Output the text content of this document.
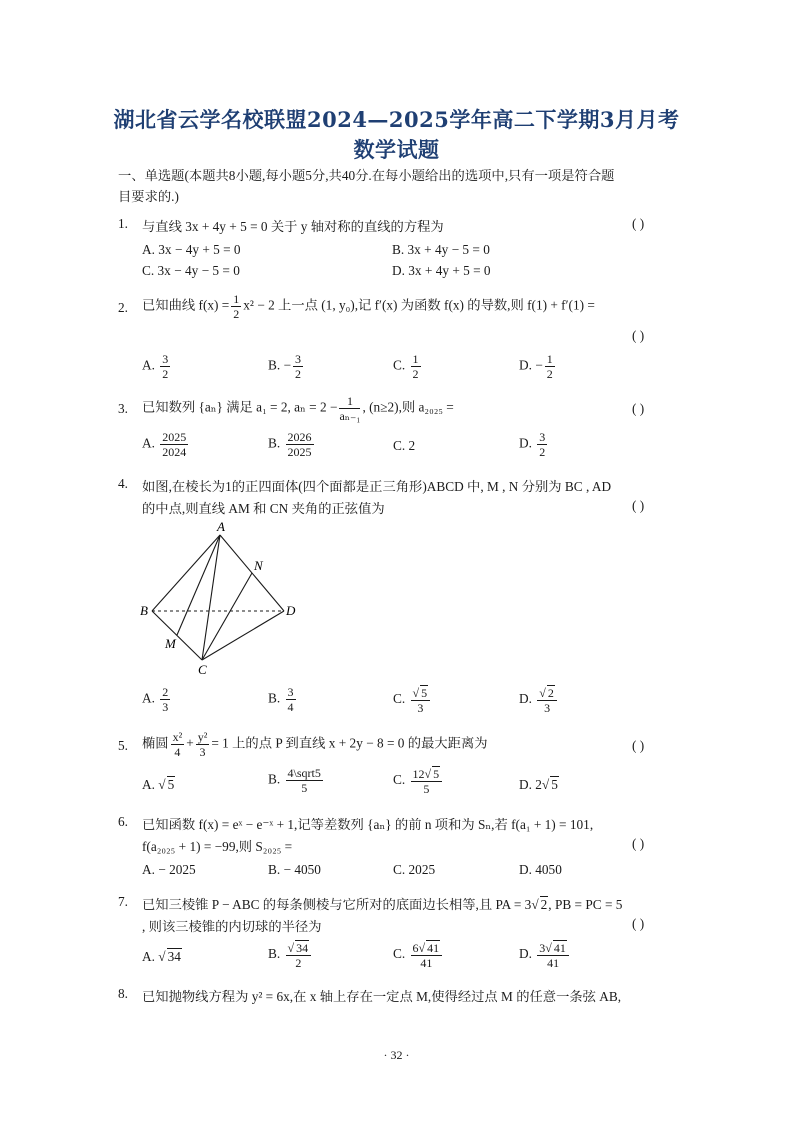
湖北省云学名校联盟2024—2025学年高二下学期3月月考
数学试题
一、单选题(本题共8小题,每小题5分,共40分.在每小题给出的选项中,只有一项是符合题
目要求的.)
1. 与直线 3x + 4y + 5 = 0 关于 y 轴对称的直线的方程为	( )
A. 3x − 4y + 5 = 0	B. 3x + 4y − 5 = 0
C. 3x − 4y − 5 = 0	D. 3x + 4y + 5 = 0
2. 已知曲线 $f(x) = \frac{1}{2} x^2 - 2$ 上一点 (1, y₀),记 f′(x) 为函数 f(x) 的导数,则 f(1) + f′(1) =
( )
A. $\frac{3}{2}$	B. − $\frac{3}{2}$	C. $\frac{1}{2}$	D. − $\frac{1}{2}$
3. 已知数列 {aₙ} 满足 a₁ = 2, $a_n = 2 - \frac{1}{\text{aₙ₋₁}}$ , (n≥2),则 a₂₀₂₅ =	( )
A. $\frac{2025}{2024}$	B. $\frac{2026}{2025}$	C. 2	D. $\frac{3}{2}$
4. 如图,在棱长为1的正四面体(四个面都是正三角形)ABCD 中, M , N 分别为 BC , AD
的中点,则直线 AM 和 CN 夹角的正弦值为	( )
A
B
C
D
M
N
A. $\frac{2}{3}$	B. $\frac{3}{4}$	C. $\frac{√ 5}{3}$	D. $\frac{√ 2}{3}$
5. 椭圆 $\frac{\text{x²}}{4} + \frac{\text{y²}}{3} = 1$ 上的点 P 到直线 x + 2y − 8 = 0 的最大距离为	( )
A. √ 5	B. $\frac{\text{4\textbackslash{}sqrt5}}{5}$	C. $\frac{12√ 5}{5}$	D. 2√ 5
6. 已知函数 f(x) = eˣ − e⁻ˣ + 1,记等差数列 {aₙ} 的前 n 项和为 Sₙ,若 f(a₁ + 1) = 101,
f(a₂₀₂₅ + 1) = −99,则 S₂₀₂₅ =	( )
A. − 2025	B. − 4050	C. 2025	D. 4050
7. 已知三棱锥 P − ABC 的每条侧棱与它所对的底面边长相等,且 PA = 3√ 2, PB = PC = 5
, 则该三棱锥的内切球的半径为	( )
A. √ 34	B. $\frac{√ 34}{2}$	C. $\frac{6√ 41}{41}$	D. $\frac{3√ 41}{41}$
8. 已知抛物线方程为 y² = 6x,在 x 轴上存在一定点 M,使得经过点 M 的任意一条弦 AB,
· 32 ·
